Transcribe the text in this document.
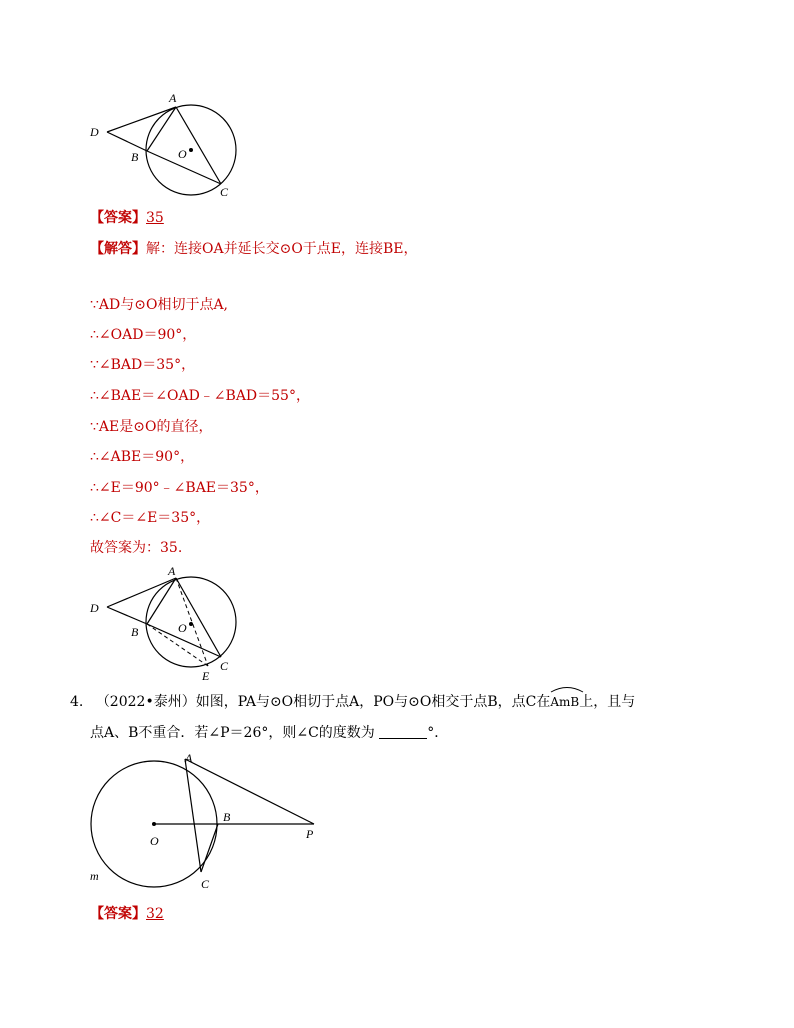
A
D
B	O
C
【答案】35
【解答】解：连接OA并延长交⊙O于点E，连接BE，
∵AD与⊙O相切于点A,
∴∠OAD＝90°，
∵∠BAD＝35°，
∴∠BAE＝∠OAD﹣∠BAD＝55°，
∵AE是⊙O的直径，
∴∠ABE＝90°，
∴∠E＝90°﹣∠BAE＝35°，
∴∠C＝∠E＝35°，
故答案为：35.
A
D
B	O
C
E
4. （2022•泰州）如图，PA与⊙O相切于点A，PO与⊙O相交于点B，点C在
AmB上，且与
点A、B不重合．若∠P＝26°，则∠C的度数为	°．
A
B
O	P
C
m
【答案】32
